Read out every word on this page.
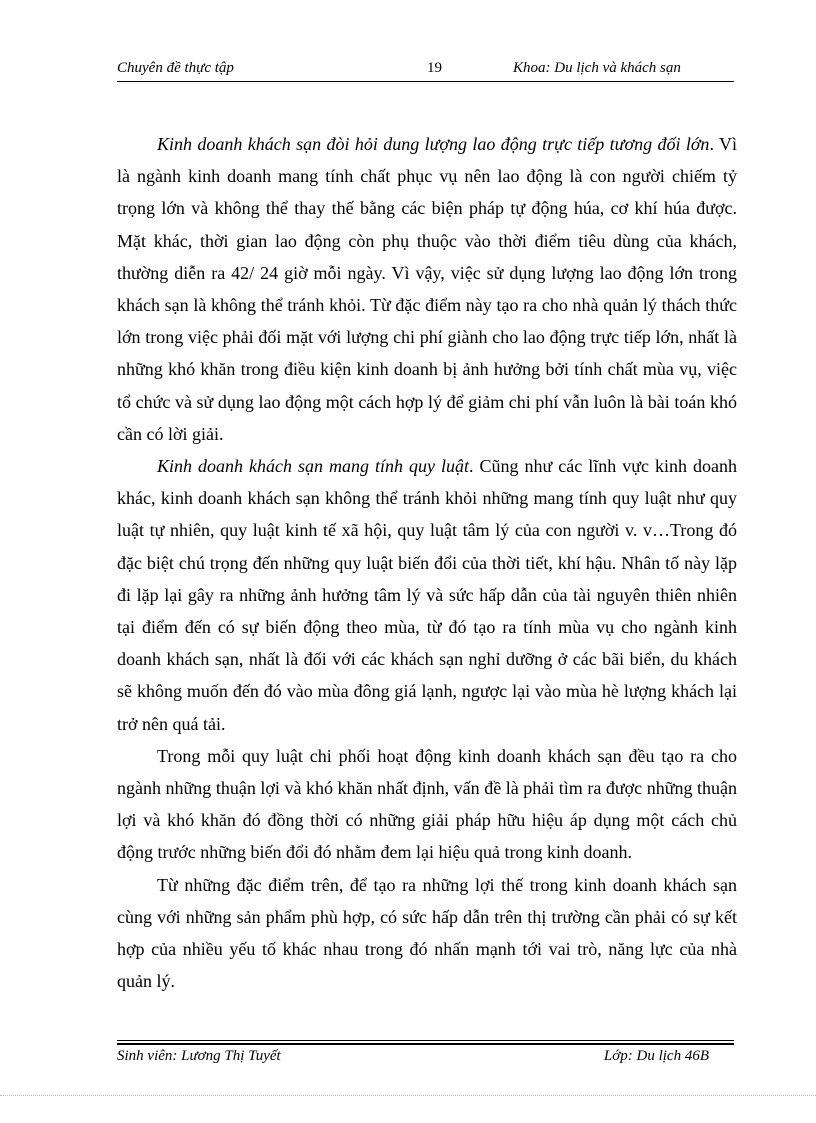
Chuyên đề thực tập	19	Khoa: Du lịch và khách sạn

Kinh doanh khách sạn đòi hỏi dung lượng lao động trực tiếp tương đối lớn. Vì là ngành kinh doanh mang tính chất phục vụ nên lao động là con người chiếm tỷ trọng lớn và không thể thay thế bằng các biện pháp tự động húa, cơ khí húa được. Mặt khác, thời gian lao động còn phụ thuộc vào thời điểm tiêu dùng của khách, thường diễn ra 42/ 24 giờ mỗi ngày. Vì vậy, việc sử dụng lượng lao động lớn trong khách sạn là không thể tránh khỏi. Từ đặc điểm này tạo ra cho nhà quản lý thách thức lớn trong việc phải đối mặt với lượng chi phí giành cho lao động trực tiếp lớn, nhất là những khó khăn trong điều kiện kinh doanh bị ảnh hưởng bởi tính chất mùa vụ, việc tổ chức và sử dụng lao động một cách hợp lý để giảm chi phí vẫn luôn là bài toán khó cần có lời giải.

Kinh doanh khách sạn mang tính quy luật. Cũng như các lĩnh vực kinh doanh khác, kinh doanh khách sạn không thể tránh khỏi những mang tính quy luật như quy luật tự nhiên, quy luật kinh tế xã hội, quy luật tâm lý của con người v. v…Trong đó đặc biệt chú trọng đến những quy luật biến đổi của thời tiết, khí hậu. Nhân tố này lặp đi lặp lại gây ra những ảnh hưởng tâm lý và sức hấp dẫn của tài nguyên thiên nhiên tại điểm đến có sự biến động theo mùa, từ đó tạo ra tính mùa vụ cho ngành kinh doanh khách sạn, nhất là đối với các khách sạn nghỉ dưỡng ở các bãi biển, du khách sẽ không muốn đến đó vào mùa đông giá lạnh, ngược lại vào mùa hè lượng khách lại trở nên quá tải.

Trong mỗi quy luật chi phối hoạt động kinh doanh khách sạn đều tạo ra cho ngành những thuận lợi và khó khăn nhất định, vấn đề là phải tìm ra được những thuận lợi và khó khăn đó đồng thời có những giải pháp hữu hiệu áp dụng một cách chủ động trước những biến đổi đó nhằm đem lại hiệu quả trong kinh doanh.

Từ những đặc điểm trên, để tạo ra những lợi thế trong kinh doanh khách sạn cùng với những sản phẩm phù hợp, có sức hấp dẫn trên thị trường cần phải có sự kết hợp của nhiều yếu tố khác nhau trong đó nhấn mạnh tới vai trò, năng lực của nhà quản lý.

Sinh viên: Lương Thị Tuyết	Lớp: Du lịch 46B
